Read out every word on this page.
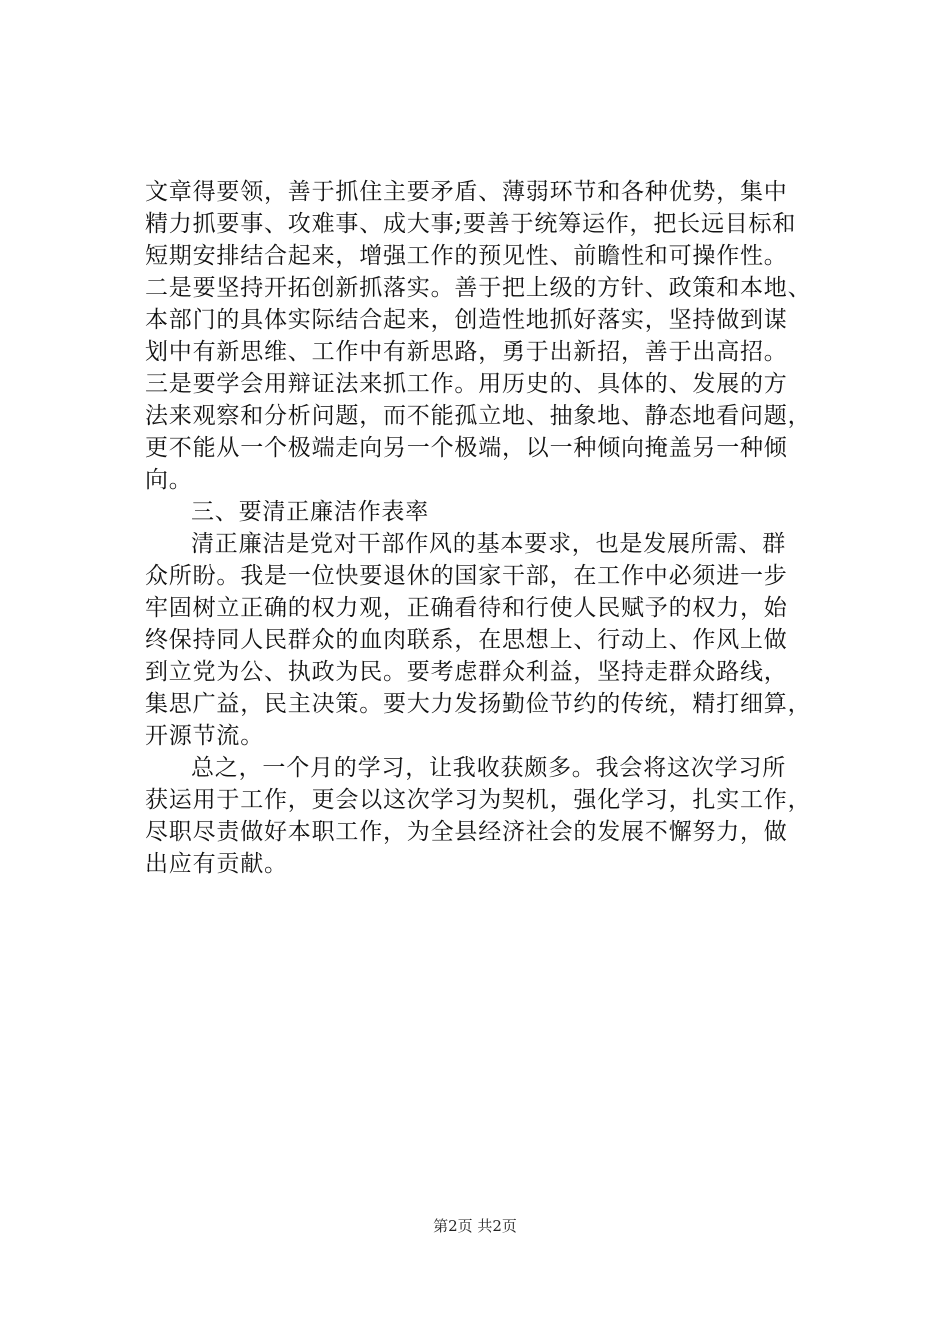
文章得要领，善于抓住主要矛盾、薄弱环节和各种优势，集中
精力抓要事、攻难事、成大事;要善于统筹运作，把长远目标和
短期安排结合起来，增强工作的预见性、前瞻性和可操作性。
二是要坚持开拓创新抓落实。善于把上级的方针、政策和本地、
本部门的具体实际结合起来，创造性地抓好落实，坚持做到谋
划中有新思维、工作中有新思路，勇于出新招，善于出高招。
三是要学会用辩证法来抓工作。用历史的、具体的、发展的方
法来观察和分析问题，而不能孤立地、抽象地、静态地看问题，
更不能从一个极端走向另一个极端，以一种倾向掩盖另一种倾
向。
三、要清正廉洁作表率
清正廉洁是党对干部作风的基本要求，也是发展所需、群
众所盼。我是一位快要退休的国家干部，在工作中必须进一步
牢固树立正确的权力观，正确看待和行使人民赋予的权力，始
终保持同人民群众的血肉联系，在思想上、行动上、作风上做
到立党为公、执政为民。要考虑群众利益，坚持走群众路线，
集思广益，民主决策。要大力发扬勤俭节约的传统，精打细算，
开源节流。
总之，一个月的学习，让我收获颇多。我会将这次学习所
获运用于工作，更会以这次学习为契机，强化学习，扎实工作，
尽职尽责做好本职工作，为全县经济社会的发展不懈努力，做
出应有贡献。
第2页 共2页
